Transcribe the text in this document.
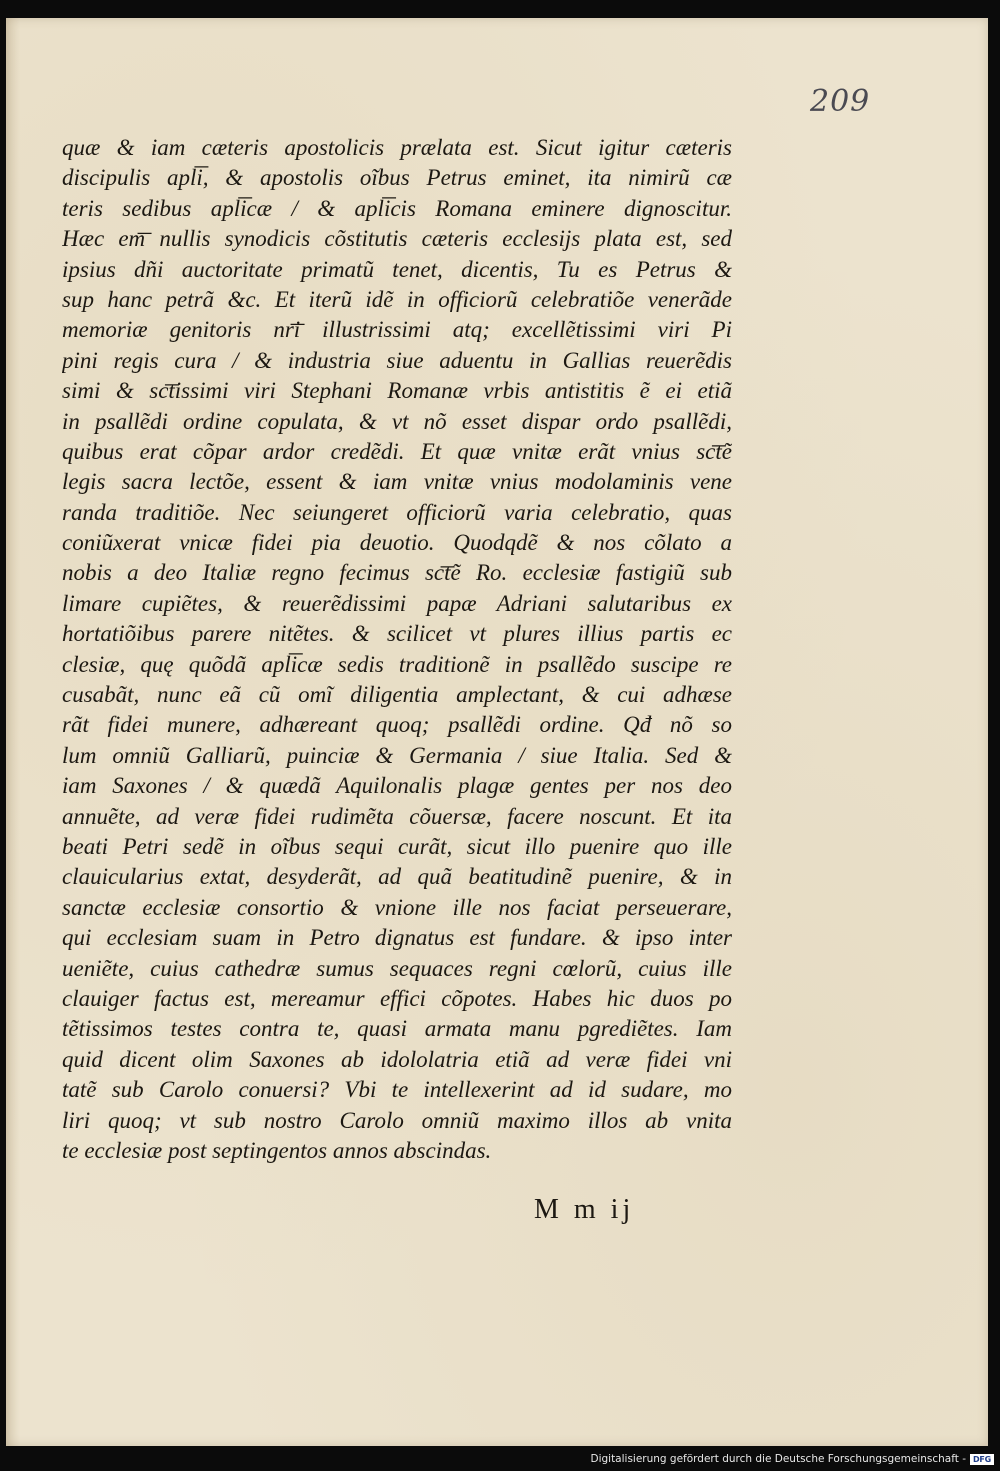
209
quæ & iam cæteris apostolicis prælata est. Sicut igitur cæteris
discipulis apl͞i, & apostolis oĩbus Petrus eminet, ita nimirũ cæ
teris sedibus apl͞icæ / & apl͞icis Romana eminere dignoscitur.
Hæc em͞ nullis synodicis cõstitutis cæteris ecclesijs plata est, sed
ipsius dñi auctoritate primatũ tenet, dicentis, Tu es Petrus &
sup hanc petrã &c. Et iterũ idẽ in officiorũ celebratiõe venerãde
memoriæ genitoris nr͞i illustrissimi atq; excellẽtissimi viri Pi
pini regis cura / & industria siue aduentu in Gallias reuerẽdis
simi & sc͞tissimi viri Stephani Romanæ vrbis antistitis ẽ ei etiã
in psallẽdi ordine copulata, & vt nõ esset dispar ordo psallẽdi,
quibus erat cõpar ardor credẽdi. Et quæ vnitæ erãt vnius sc͞tẽ
legis sacra lectõe, essent & iam vnitæ vnius modolaminis vene
randa traditiõe. Nec seiungeret officiorũ varia celebratio, quas
coniũxerat vnicæ fidei pia deuotio. Quodqdẽ & nos cõlato a
nobis a deo Italiæ regno fecimus sc͞tẽ Ro. ecclesiæ fastigiũ sub
limare cupiẽtes, & reuerẽdissimi papæ Adriani salutaribus ex
hortatiõibus parere nitẽtes. & scilicet vt plures illius partis ec
clesiæ, quę quõdã apl͞icæ sedis traditionẽ in psallẽdo suscipe re
cusabãt, nunc eã cũ omĩ diligentia amplectant, & cui adhæse
rãt fidei munere, adhæreant quoq; psallẽdi ordine. Qđ nõ so
lum omniũ Galliarũ, puinciæ & Germania / siue Italia. Sed &
iam Saxones / & quædã Aquilonalis plagæ gentes per nos deo
annuẽte, ad veræ fidei rudimẽta cõuersæ, facere noscunt. Et ita
beati Petri sedẽ in oĩbus sequi curãt, sicut illo puenire quo ille
clauicularius extat, desyderãt, ad quã beatitudinẽ puenire, & in
sanctæ ecclesiæ consortio & vnione ille nos faciat perseuerare,
qui ecclesiam suam in Petro dignatus est fundare. & ipso inter
ueniẽte, cuius cathedræ sumus sequaces regni cœlorũ, cuius ille
clauiger factus est, mereamur effici cõpotes. Habes hic duos po
tẽtissimos testes contra te, quasi armata manu pgrediẽtes. Iam
quid dicent olim Saxones ab idololatria etiã ad veræ fidei vni
tatẽ sub Carolo conuersi? Vbi te intellexerint ad id sudare, mo
liri quoq; vt sub nostro Carolo omniũ maximo illos ab vnita
te ecclesiæ post septingentos annos abscindas.
M m ij
Digitalisierung gefördert durch die Deutsche Forschungsgemeinschaft - DFG
